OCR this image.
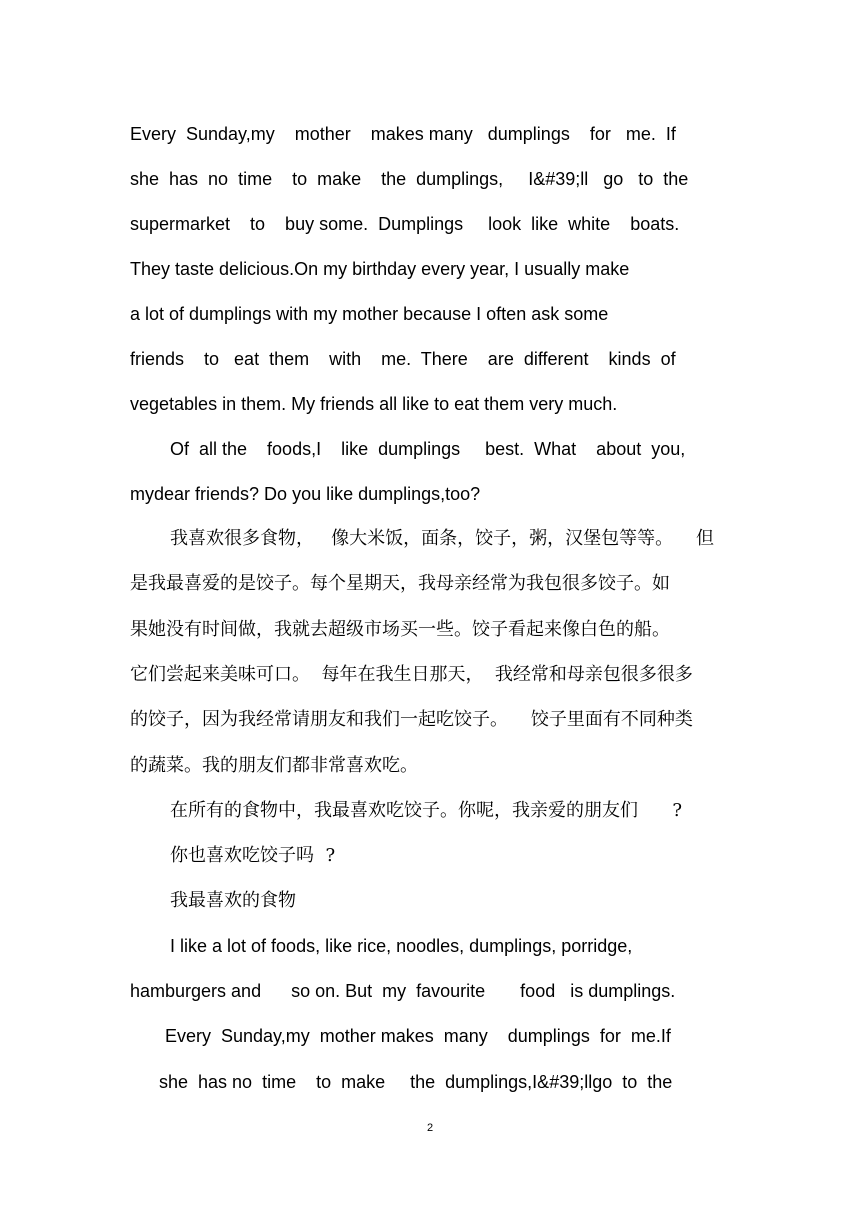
Every  Sunday,my    mother    makes many   dumplings    for   me.  If
she  has  no  time    to  make    the  dumplings,     I&#39;ll   go   to  the
supermarket    to    buy some.  Dumplings     look  like  white    boats.
They taste delicious.On my birthday every year, I usually make
a lot of dumplings with my mother because I often ask some
friends    to   eat  them    with    me.  There    are  different    kinds  of
vegetables in them. My friends all like to eat them very much.
Of  all the    foods,I    like  dumplings     best.  What    about  you,
mydear friends? Do you like dumplings,too?
我喜欢很多食物，   像大米饭，面条，饺子，粥，汉堡包等等。    但
是我最喜爱的是饺子。每个星期天，我母亲经常为我包很多饺子。如
果她没有时间做，我就去超级市场买一些。饺子看起来像白色的船。
它们尝起来美味可口。  每年在我生日那天，  我经常和母亲包很多很多
的饺子，因为我经常请朋友和我们一起吃饺子。    饺子里面有不同种类
的蔬菜。我的朋友们都非常喜欢吃。
在所有的食物中，我最喜欢吃饺子。你呢，我亲爱的朋友们      ?
你也喜欢吃饺子吗  ?
我最喜欢的食物
I like a lot of foods, like rice, noodles, dumplings, porridge,
hamburgers and      so on. But  my  favourite       food   is dumplings.
Every  Sunday,my  mother makes  many    dumplings  for  me.If
she  has no  time    to  make     the  dumplings,I&#39;llgo  to  the
2
